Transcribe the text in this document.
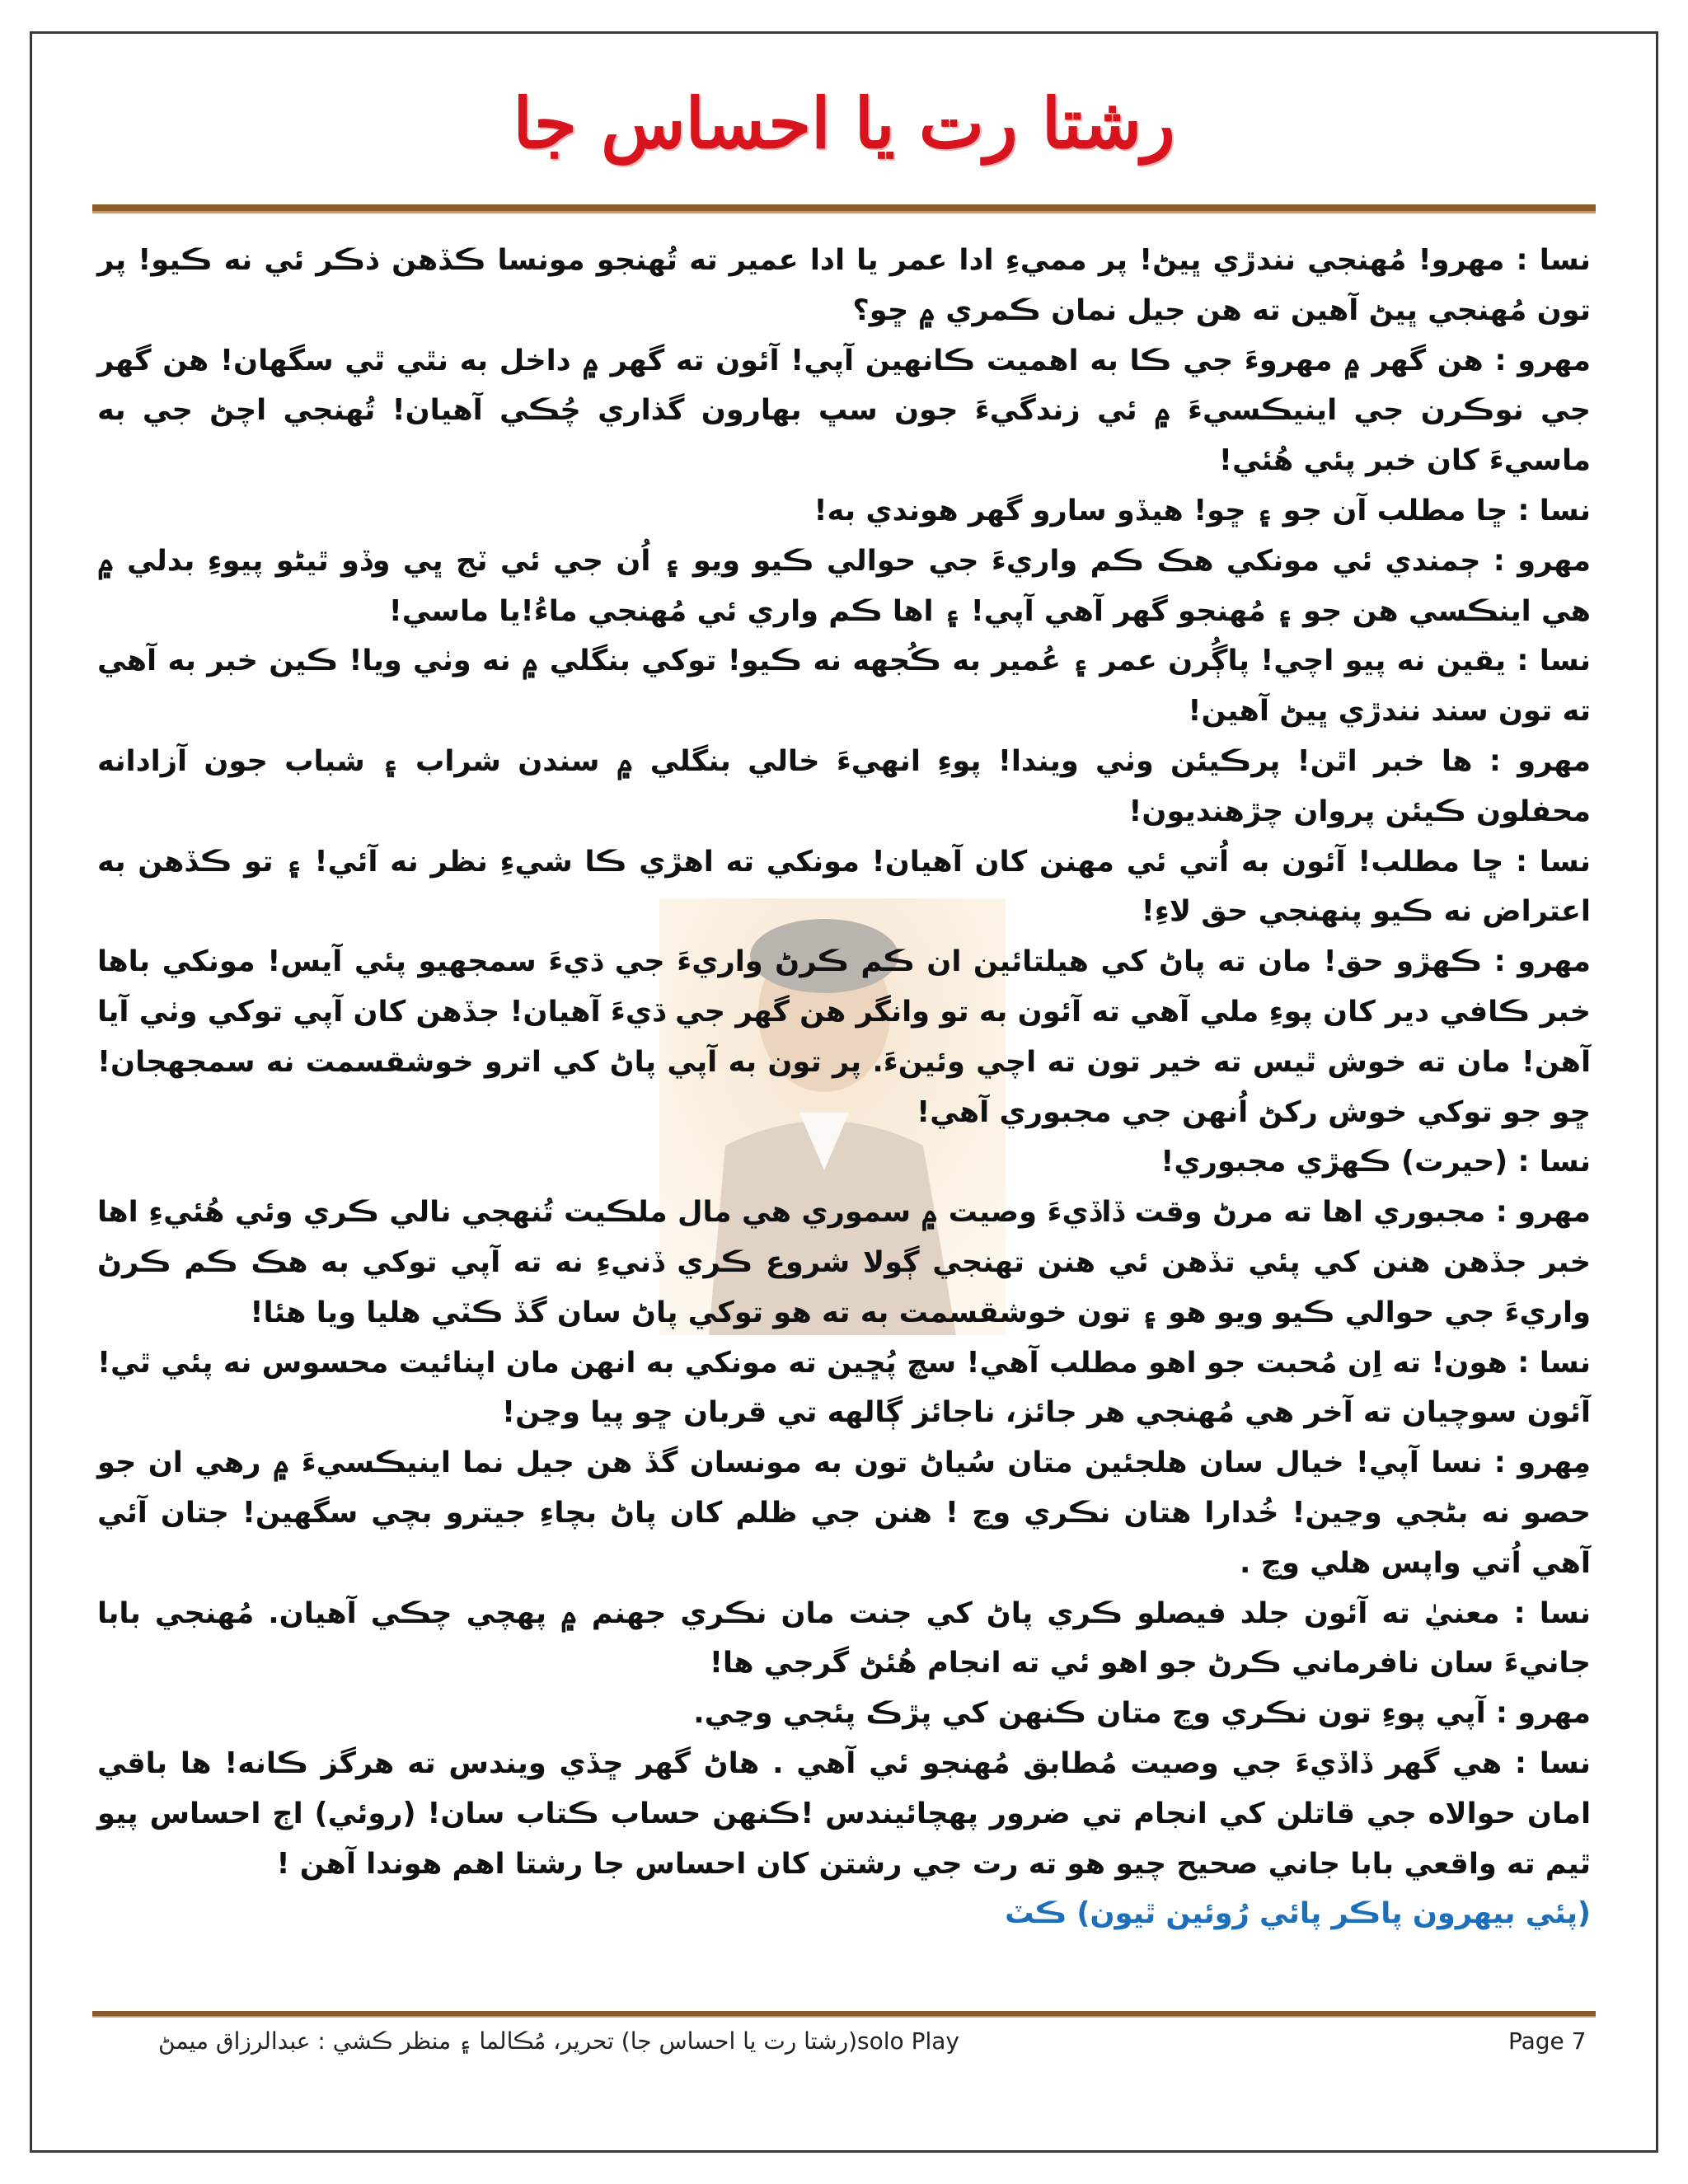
رشتا رت يا احساس جا

نسا : مهرو! مُهنجي نندڙي ڀيڻ! پر مميءِ ادا عمر يا ادا عمير ته تُهنجو مونسا ڪڏهن ذڪر ئي نه ڪيو! پر تون مُهنجي ڀيڻ آهين ته هن جيل نمان ڪمري ۾ ڇو؟

مهرو : هن گهر ۾ مهروءَ جي ڪا به اهميت ڪانهين آپي! آئون ته گهر ۾ داخل به نٿي ٿي سگهان! هن گهر جي نوڪرن جي اينيڪسيءَ ۾ ئي زندگيءَ جون سڀ بهارون گذاري چُڪي آهيان! تُهنجي اچڻ جي به ماسيءَ کان خبر پئي هُئي!

نسا : ڇا مطلب آن جو ۽ ڇو! هيڏو سارو گهر هوندي به!

مهرو : ڄمندي ئي مونکي هڪ ڪم واريءَ جي حوالي ڪيو ويو ۽ اُن جي ئي ٽج ڀي وڏو ٿيڻو پيوءِ بدلي ۾ هي اينڪسي هن جو ۽ مُهنجو گهر آهي آپي! ۽ اها ڪم واري ئي مُهنجي ماءُ!يا ماسي!

نسا : يقين نه پيو اچي! پاڳُرن عمر ۽ عُمير به ڪُجهه نه ڪيو! توکي بنگلي ۾ نه وٺي ويا! ڪين خبر به آهي ته تون سند نندڙي ڀيڻ آهين!

مهرو : ها خبر اٿن! پرڪيئن وٺي ويندا! پوءِ انهيءَ خالي بنگلي ۾ سندن شراب ۽ شباب جون آزادانه محفلون ڪيئن پروان چڙهنديون!

نسا : ڇا مطلب! آئون به اُتي ئي مهنن کان آهيان! مونکي ته اهڙي ڪا شيءِ نظر نه آئي! ۽ تو ڪڏهن به اعتراض نه ڪيو پنهنجي حق لاءِ!

مهرو : ڪهڙو حق! مان ته پاڻ کي هيلتائين ان ڪم ڪرڻ واريءَ جي ڌيءَ سمجهيو پئي آيس! مونکي باها خبر ڪافي دير کان پوءِ ملي آهي ته آئون به تو وانگر هن گهر جي ڌيءَ آهيان! جڏهن کان آپي توکي وٺي آيا آهن! مان ته خوش ٿيس ته خير تون ته اچي وئينءَ. پر تون به آپي پاڻ کي اترو خوشقسمت نه سمجهجان! ڇو جو توکي خوش رکڻ اُنهن جي مجبوري آهي!

نسا : (حيرت) ڪهڙي مجبوري!

مهرو : مجبوري اها ته مرڻ وقت ڏاڏيءَ وصيت ۾ سموري هي مال ملڪيت تُنهجي نالي ڪري وئي هُئيءِ اها خبر جڏهن هنن کي پئي تڏهن ئي هنن تهنجي ڳولا شروع ڪري ڏنيءِ نه ته آپي توکي به هڪ ڪم ڪرڻ واريءَ جي حوالي ڪيو ويو هو ۽ تون خوشقسمت به ته هو توکي پاڻ سان گڏ ڪٽي هليا ويا هئا!

نسا : هون! ته اِن مُحبت جو اهو مطلب آهي! سچ پُڇين ته مونکي به انهن مان اپنائيت محسوس نه پئي ٿي! آئون سوچيان ته آخر هي مُهنجي هر جائز، ناجائز ڳالهه تي قربان ڇو پيا وڃن!

مِهرو : نسا آپي! خيال سان هلجئين متان سُياڻ تون به مونسان گڏ هن جيل نما اينيڪسيءَ ۾ رهي ان جو حصو نه بڻجي وڃين! خُدارا هتان نڪري وڃ ! هنن جي ظلم کان پاڻ بچاءِ جيترو بچي سگهين! جتان آئي آهي اُتي واپس هلي وڃ .

نسا : معنيٰ ته آئون جلد فيصلو ڪري پاڻ کي جنت مان نڪري جهنم ۾ پهچي چڪي آهيان. مُهنجي بابا جانيءَ سان نافرماني ڪرڻ جو اهو ئي ته انجام هُئڻ گرجي ها!

مهرو : آپي پوءِ تون نڪري وڃ متان ڪنهن کي پڙڪ پئجي وڃي.

نسا : هي گهر ڏاڏيءَ جي وصيت مُطابق مُهنجو ئي آهي . هاڻ گهر ڇڏي ويندس ته هرگز ڪانه! ها باقي امان حوالاه جي قاتلن کي انجام تي ضرور پهچائيندس !ڪنهن حساب ڪتاب سان! (روئي) اڄ احساس پيو ٿيم ته واقعي بابا جاني صحيح چيو هو ته رت جي رشتن کان احساس جا رشتا اهم هوندا آهن !

(پئي بيهرون پاڪر پائي رُوئين ٿيون) ڪٽ

Page 7
solo Play(رشتا رت يا احساس جا) تحرير، مُڪالما ۽ منظر ڪشي : عبدالرزاق ميمڻ
